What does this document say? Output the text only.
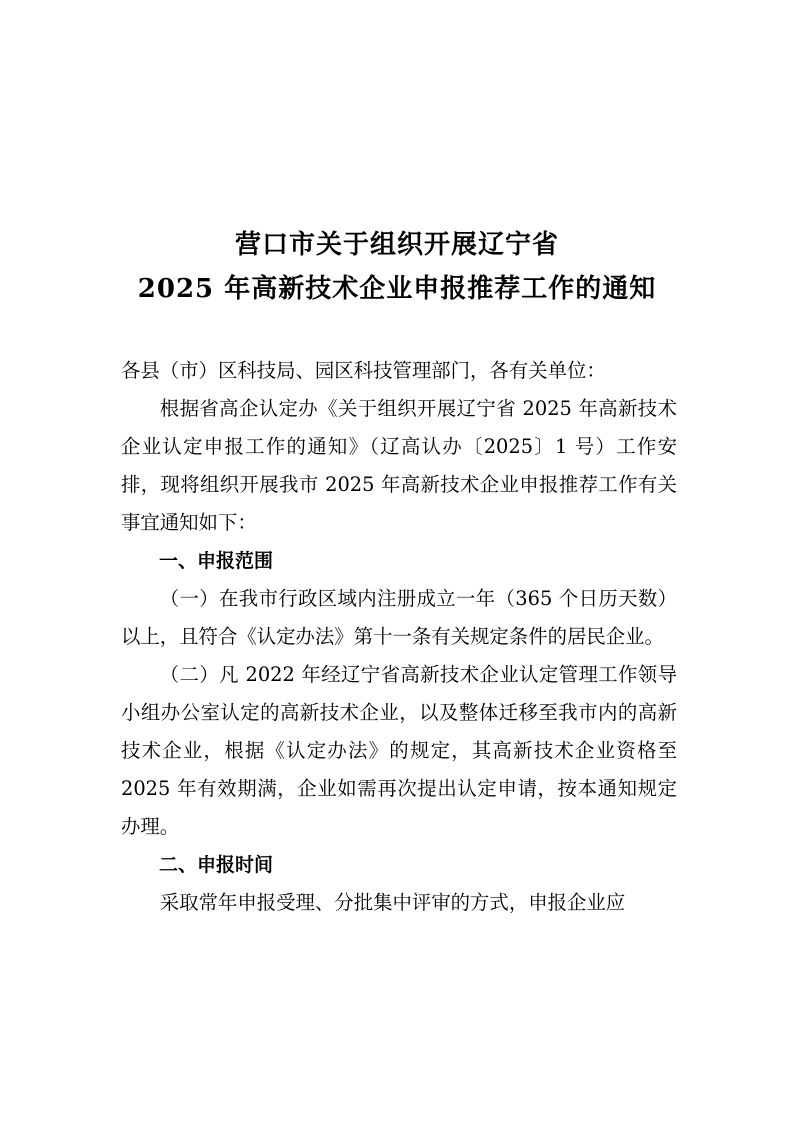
营口市关于组织开展辽宁省
2025 年高新技术企业申报推荐工作的通知

各县（市）区科技局、园区科技管理部门，各有关单位：

根据省高企认定办《关于组织开展辽宁省 2025 年高新技术企业认定申报工作的通知》（辽高认办〔2025〕1 号）工作安排，现将组织开展我市 2025 年高新技术企业申报推荐工作有关事宜通知如下：

一、申报范围

（一）在我市行政区域内注册成立一年（365 个日历天数）以上，且符合《认定办法》第十一条有关规定条件的居民企业。

（二）凡 2022 年经辽宁省高新技术企业认定管理工作领导小组办公室认定的高新技术企业，以及整体迁移至我市内的高新技术企业，根据《认定办法》的规定，其高新技术企业资格至 2025 年有效期满，企业如需再次提出认定申请，按本通知规定办理。

二、申报时间

采取常年申报受理、分批集中评审的方式，申报企业应
